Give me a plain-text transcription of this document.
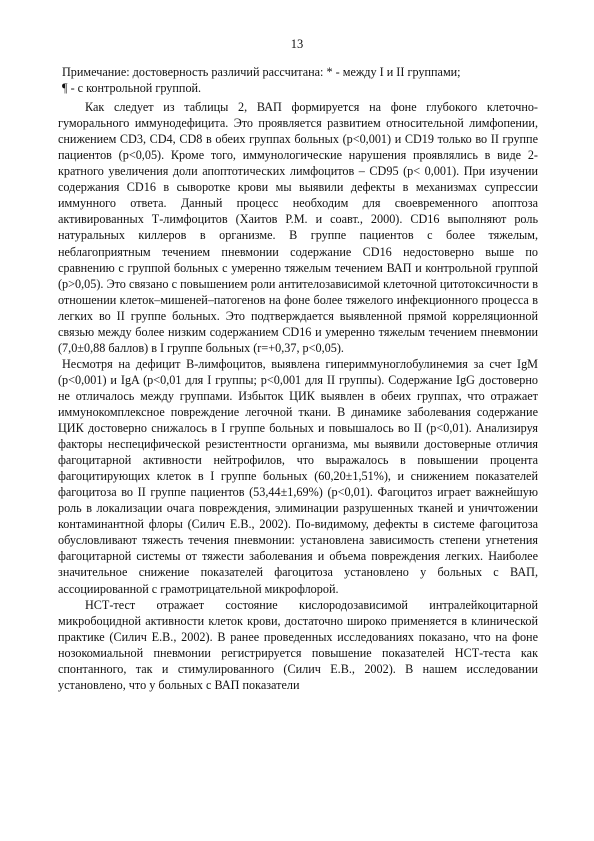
13
Примечание: достоверность различий рассчитана: * - между I и II группами;
¶ - с контрольной группой.

Как следует из таблицы 2, ВАП формируется на фоне глубокого клеточно-гуморального иммунодефицита. Это проявляется развитием относительной лимфопении, снижением CD3, CD4, CD8 в обеих группах больных (p<0,001) и CD19 только во II группе пациентов (p<0,05). Кроме того, иммунологические нарушения проявлялись в виде 2-кратного увеличения доли апоптотических лимфоцитов – CD95 (p< 0,001). При изучении содержания CD16 в сыворотке крови мы выявили дефекты в механизмах супрессии иммунного ответа. Данный процесс необходим для своевременного апоптоза активированных Т-лимфоцитов (Хаитов Р.М. и соавт., 2000). CD16 выполняют роль натуральных киллеров в организме. В группе пациентов с более тяжелым, неблагоприятным течением пневмонии содержание CD16 недостоверно выше по сравнению с группой больных с умеренно тяжелым течением ВАП и контрольной группой (p>0,05). Это связано с повышением роли антителозависимой клеточной цитотоксичности в отношении клеток–мишеней–патогенов на фоне более тяжелого инфекционного процесса в легких во II группе больных. Это подтверждается выявленной прямой корреляционной связью между более низким содержанием CD16 и умеренно тяжелым течением пневмонии (7,0±0,88 баллов) в I группе больных (r=+0,37, p<0,05).

Несмотря на дефицит В-лимфоцитов, выявлена гипериммуноглобулинемия за счет IgM (p<0,001) и IgA (p<0,01 для I группы; p<0,001 для II группы). Содержание IgG достоверно не отличалось между группами. Избыток ЦИК выявлен в обеих группах, что отражает иммунокомплексное повреждение легочной ткани. В динамике заболевания содержание ЦИК достоверно снижалось в I группе больных и повышалось во II (p<0,01). Анализируя факторы неспецифической резистентности организма, мы выявили достоверные отличия фагоцитарной активности нейтрофилов, что выражалось в повышении процента фагоцитирующих клеток в I группе больных (60,20±1,51%), и снижением показателей фагоцитоза во II группе пациентов (53,44±1,69%) (p<0,01). Фагоцитоз играет важнейшую роль в локализации очага повреждения, элиминации разрушенных тканей и уничтожении контаминантной флоры (Силич Е.В., 2002). По-видимому, дефекты в системе фагоцитоза обусловливают тяжесть течения пневмонии: установлена зависимость степени угнетения фагоцитарной системы от тяжести заболевания и объема повреждения легких. Наиболее значительное снижение показателей фагоцитоза установлено у больных с ВАП, ассоциированной с грамотрицательной микрофлорой.

НСТ-тест отражает состояние кислородозависимой интралейкоцитарной микробоцидной активности клеток крови, достаточно широко применяется в клинической практике (Силич Е.В., 2002). В ранее проведенных исследованиях показано, что на фоне нозокомиальной пневмонии регистрируется повышение показателей НСТ-теста как спонтанного, так и стимулированного (Силич Е.В., 2002). В нашем исследовании установлено, что у больных с ВАП показатели
